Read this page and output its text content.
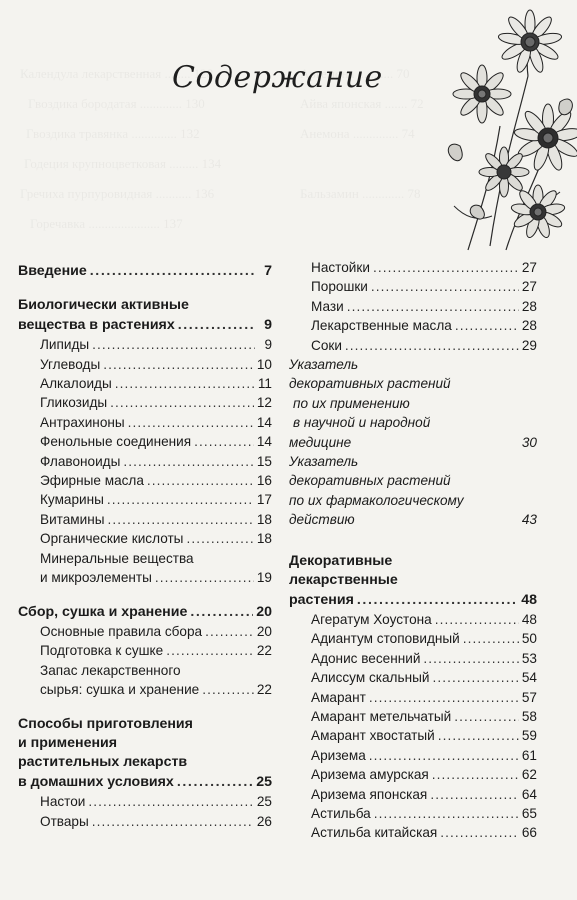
Содержание
Введение .....	7
Биологически активные
вещества в растениях .....	9
Липиды .....	9
Углеводы .....	10
Алкалоиды .....	11
Гликозиды .....	12
Антрахиноны .....	14
Фенольные соединения .....	14
Флавоноиды .....	15
Эфирные масла .....	16
Кумарины .....	17
Витамины .....	18
Органические кислоты .....	18
Минеральные вещества
и микроэлементы .....	19
Сбор, сушка и хранение .....	20
Основные правила сбора .....	20
Подготовка к сушке .....	22
Запас лекарственного
сырья: сушка и хранение .....	22
Способы приготовления
и применения
растительных лекарств
в домашних условиях .....	25
Настои .....	25
Отвары .....	26
Настойки .....	27
Порошки .....	27
Мази .....	28
Лекарственные масла .....	28
Соки .....	29
Указатель
декоративных растений
по их применению
в научной и народной
медицине	30
Указатель
декоративных растений
по их фармакологическому
действию	43
Декоративные
лекарственные
растения .....	48
Агератум Хоустона .....	48
Адиантум стоповидный .....	50
Адонис весенний .....	53
Алиссум скальный .....	54
Амарант .....	57
Амарант метельчатый .....	58
Амарант хвостатый .....	59
Аризема .....	61
Аризема амурская .....	62
Аризема японская .....	64
Астильба .....	65
Астильба китайская .....	66
